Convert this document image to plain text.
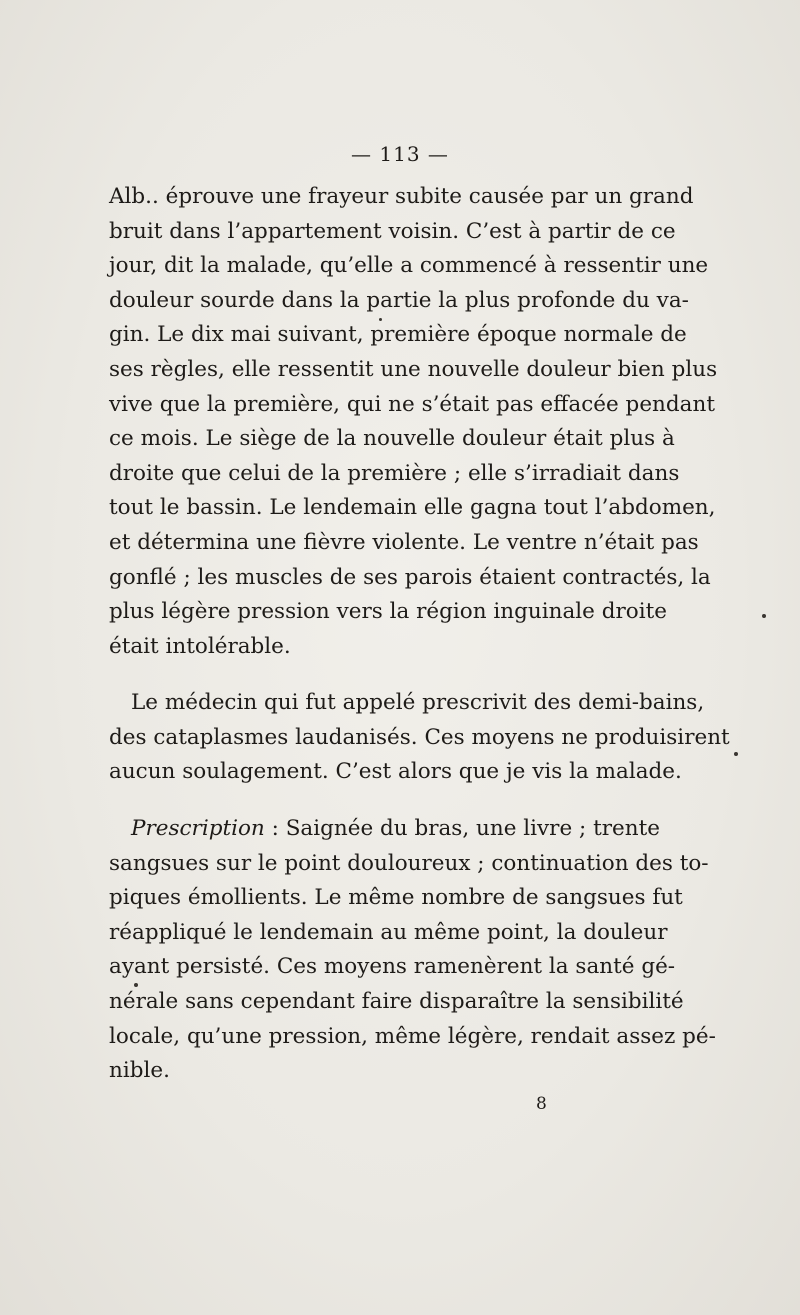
— 113 —
Alb.. éprouve une frayeur subite causée par un grand
bruit dans l’appartement voisin. C’est à partir de ce
jour, dit la malade, qu’elle a commencé à ressentir une
douleur sourde dans la partie la plus profonde du va-
gin. Le dix mai suivant, première époque normale de
ses règles, elle ressentit une nouvelle douleur bien plus
vive que la première, qui ne s’était pas effacée pendant
ce mois. Le siège de la nouvelle douleur était plus à
droite que celui de la première ; elle s’irradiait dans
tout le bassin. Le lendemain elle gagna tout l’abdomen,
et détermina une fièvre violente. Le ventre n’était pas
gonflé ; les muscles de ses parois étaient contractés, la
plus légère pression vers la région inguinale droite
était intolérable.
Le médecin qui fut appelé prescrivit des demi-bains,
des cataplasmes laudanisés. Ces moyens ne produisirent
aucun soulagement. C’est alors que je vis la malade.
Prescription : Saignée du bras, une livre ; trente
sangsues sur le point douloureux ; continuation des to-
piques émollients. Le même nombre de sangsues fut
réappliqué le lendemain au même point, la douleur
ayant persisté. Ces moyens ramenèrent la santé gé-
nérale sans cependant faire disparaître la sensibilité
locale, qu’une pression, même légère, rendait assez pé-
nible.
8
